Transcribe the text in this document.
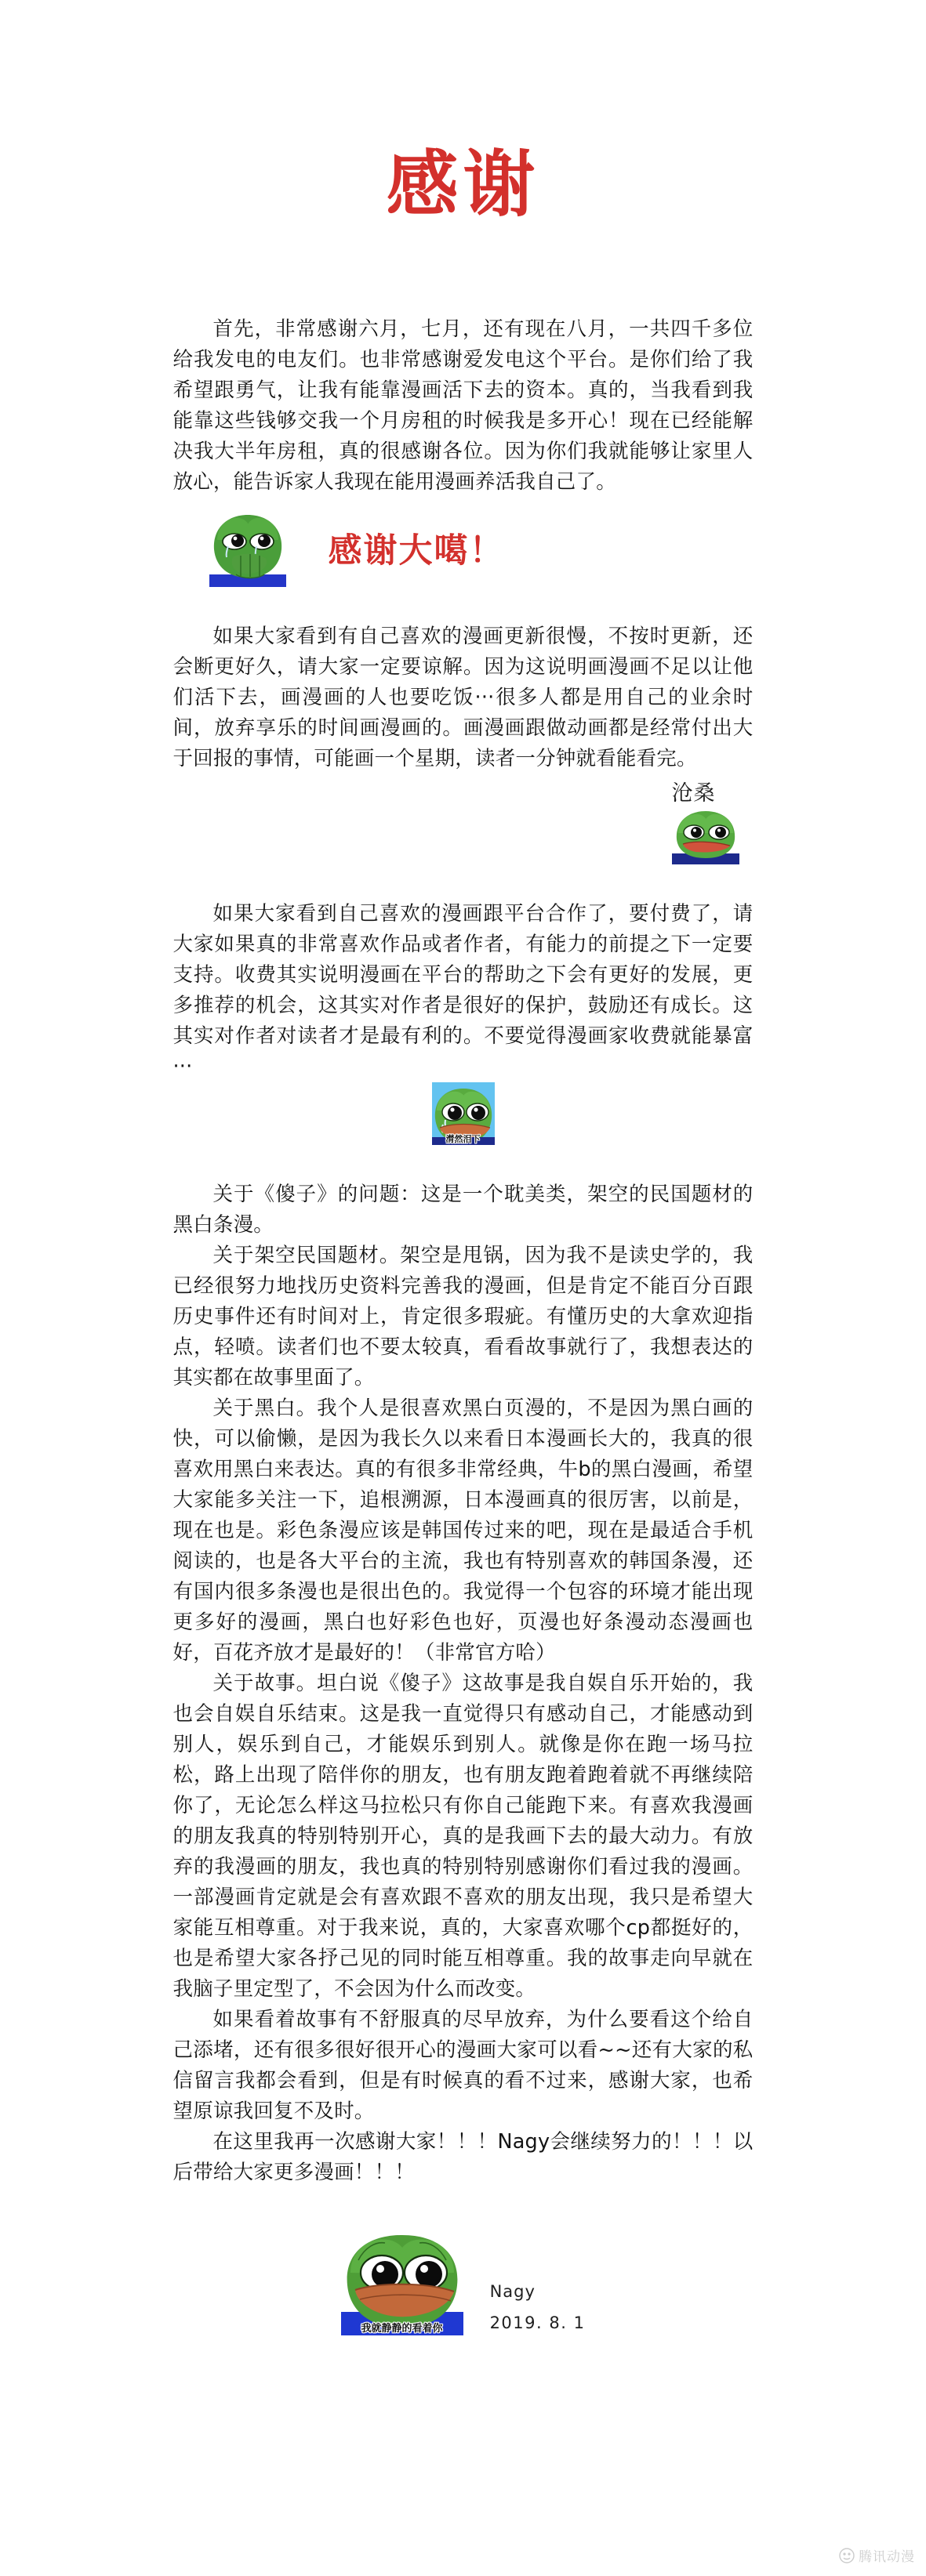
感谢

首先，非常感谢六月，七月，还有现在八月，一共四千多位给我发电的电友们。也非常感谢爱发电这个平台。是你们给了我希望跟勇气，让我有能靠漫画活下去的资本。真的，当我看到我能靠这些钱够交我一个月房租的时候我是多开心！现在已经能解决我大半年房租，真的很感谢各位。因为你们我就能够让家里人放心，能告诉家人我现在能用漫画养活我自己了。

感谢大噶！

如果大家看到有自己喜欢的漫画更新很慢，不按时更新，还会断更好久，请大家一定要谅解。因为这说明画漫画不足以让他们活下去，画漫画的人也要吃饭···很多人都是用自己的业余时间，放弃享乐的时间画漫画的。画漫画跟做动画都是经常付出大于回报的事情，可能画一个星期，读者一分钟就看能看完。

沧桑

如果大家看到自己喜欢的漫画跟平台合作了，要付费了，请大家如果真的非常喜欢作品或者作者，有能力的前提之下一定要支持。收费其实说明漫画在平台的帮助之下会有更好的发展，更多推荐的机会，这其实对作者是很好的保护，鼓励还有成长。这其实对作者对读者才是最有利的。不要觉得漫画家收费就能暴富···

潸然泪下

关于《傻子》的问题：这是一个耽美类，架空的民国题材的黑白条漫。

关于架空民国题材。架空是甩锅，因为我不是读史学的，我已经很努力地找历史资料完善我的漫画，但是肯定不能百分百跟历史事件还有时间对上，肯定很多瑕疵。有懂历史的大拿欢迎指点，轻喷。读者们也不要太较真，看看故事就行了，我想表达的其实都在故事里面了。

关于黑白。我个人是很喜欢黑白页漫的，不是因为黑白画的快，可以偷懒，是因为我长久以来看日本漫画长大的，我真的很喜欢用黑白来表达。真的有很多非常经典，牛b的黑白漫画，希望大家能多关注一下，追根溯源，日本漫画真的很厉害，以前是，现在也是。彩色条漫应该是韩国传过来的吧，现在是最适合手机阅读的，也是各大平台的主流，我也有特别喜欢的韩国条漫，还有国内很多条漫也是很出色的。我觉得一个包容的环境才能出现更多好的漫画，黑白也好彩色也好，页漫也好条漫动态漫画也好，百花齐放才是最好的！（非常官方哈）

关于故事。坦白说《傻子》这故事是我自娱自乐开始的，我也会自娱自乐结束。这是我一直觉得只有感动自己，才能感动到别人，娱乐到自己，才能娱乐到别人。就像是你在跑一场马拉松，路上出现了陪伴你的朋友，也有朋友跑着跑着就不再继续陪你了，无论怎么样这马拉松只有你自己能跑下来。有喜欢我漫画的朋友我真的特别特别开心，真的是我画下去的最大动力。有放弃的我漫画的朋友，我也真的特别特别感谢你们看过我的漫画。一部漫画肯定就是会有喜欢跟不喜欢的朋友出现，我只是希望大家能互相尊重。对于我来说，真的，大家喜欢哪个cp都挺好的，也是希望大家各抒己见的同时能互相尊重。我的故事走向早就在我脑子里定型了，不会因为什么而改变。

如果看着故事有不舒服真的尽早放弃，为什么要看这个给自己添堵，还有很多很好很开心的漫画大家可以看~~还有大家的私信留言我都会看到，但是有时候真的看不过来，感谢大家，也希望原谅我回复不及时。

在这里我再一次感谢大家！！！Nagy会继续努力的！！！以后带给大家更多漫画！！！

我就静静的看着你
Nagy
2019. 8. 1
腾讯动漫
